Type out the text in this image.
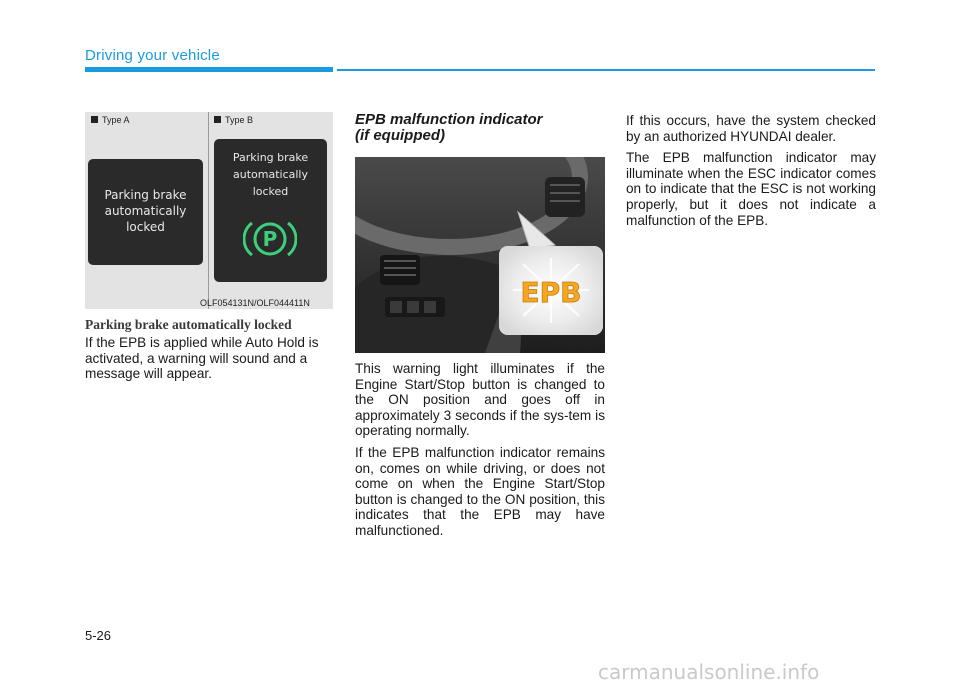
Driving your vehicle
Type A	Type B
Parking brake
automatically
locked
Parking brake
automatically
locked
P
OLF054131N/OLF044411N
Parking brake automatically locked

If the EPB is applied while Auto Hold is activated, a warning will sound and a message will appear.

EPB malfunction indicator
(if equipped)
EPB
OLF054022

This warning light illuminates if the Engine Start/Stop button is changed to the ON position and goes off in approximately 3 seconds if the sys-tem is operating normally.

If the EPB malfunction indicator remains on, comes on while driving, or does not come on when the Engine Start/Stop button is changed to the ON position, this indicates that the EPB may have malfunctioned.

If this occurs, have the system checked by an authorized HYUNDAI dealer.

The EPB malfunction indicator may illuminate when the ESC indicator comes on to indicate that the ESC is not working properly, but it does not indicate a malfunction of the EPB.

5-26
carmanualsonline.info
